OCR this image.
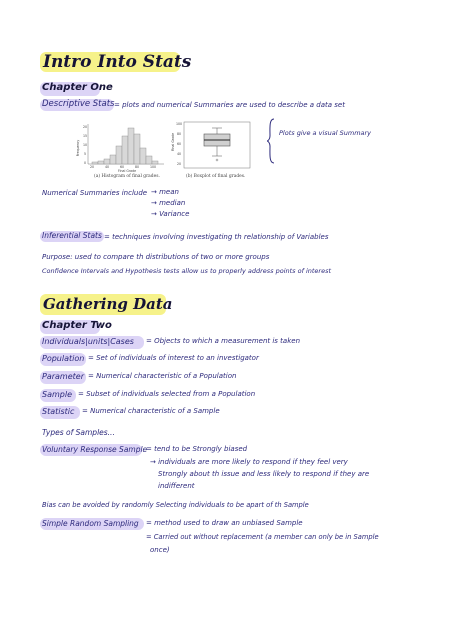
Intro Into Stats
Chapter One
Descriptive Stats = plots and numerical Summaries are used to describe a data set
20	40	60	80	100
0
5
10
15
20
Final Grade
Frequency
100
80
60
40
20
Final Grade
(a) Histogram of final grades.	(b) Boxplot of final grades.
Plots give a visual Summary
Numerical Summaries include → mean
→ median
→ Variance
Inferential Stats = techniques involving investigating th relationship of Variables
Purpose: used to compare th distributions of two or more groups
Confidence Intervals and Hypothesis tests allow us to properly address points of interest
Gathering Data
Chapter Two
Individuals|units|Cases = Objects to which a measurement is taken
Population = Set of individuals of interest to an investigator
Parameter = Numerical characteristic of a Population
Sample = Subset of individuals selected from a Population
Statistic = Numerical characteristic of a Sample
Types of Samples...
Voluntary Response Sample
= tend to be Strongly biased
→ individuals are more likely to respond if they feel very
Strongly about th issue and less likely to respond if they are
indifferent
Bias can be avoided by randomly Selecting individuals to be apart of th Sample
Simple Random Sampling = method used to draw an unbiased Sample
= Carried out without replacement (a member can only be in Sample
once)
